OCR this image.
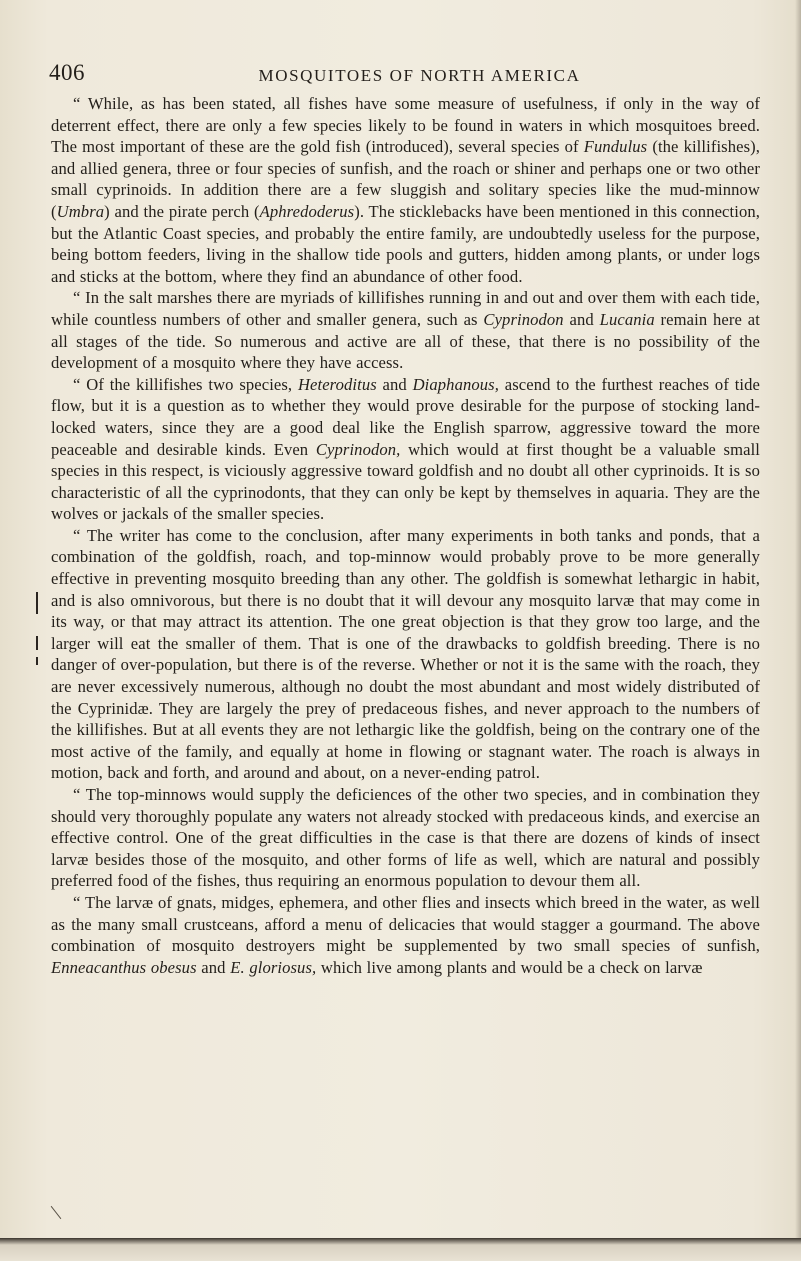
406	MOSQUITOES OF NORTH AMERICA

“ While, as has been stated, all fishes have some measure of usefulness, if only in the way of deterrent effect, there are only a few species likely to be found in waters in which mosquitoes breed. The most important of these are the gold fish (introduced), several species of Fundulus (the killifishes), and allied genera, three or four species of sunfish, and the roach or shiner and perhaps one or two other small cyprinoids. In addition there are a few sluggish and solitary species like the mud-minnow (Umbra) and the pirate perch (Aphredoderus). The sticklebacks have been mentioned in this connection, but the Atlantic Coast species, and probably the entire family, are undoubtedly useless for the purpose, being bottom feeders, living in the shallow tide pools and gutters, hidden among plants, or under logs and sticks at the bottom, where they find an abundance of other food.

“ In the salt marshes there are myriads of killifishes running in and out and over them with each tide, while countless numbers of other and smaller genera, such as Cyprinodon and Lucania remain here at all stages of the tide. So numerous and active are all of these, that there is no possibility of the development of a mosquito where they have access.

“ Of the killifishes two species, Heteroditus and Diaphanous, ascend to the furthest reaches of tide flow, but it is a question as to whether they would prove desirable for the purpose of stocking land-locked waters, since they are a good deal like the English sparrow, aggressive toward the more peaceable and desirable kinds. Even Cyprinodon, which would at first thought be a valuable small species in this respect, is viciously aggressive toward goldfish and no doubt all other cyprinoids. It is so characteristic of all the cyprinodonts, that they can only be kept by themselves in aquaria. They are the wolves or jackals of the smaller species.

“ The writer has come to the conclusion, after many experiments in both tanks and ponds, that a combination of the goldfish, roach, and top-minnow would probably prove to be more generally effective in preventing mosquito breeding than any other. The goldfish is somewhat lethargic in habit, and is also omnivorous, but there is no doubt that it will devour any mosquito larvæ that may come in its way, or that may attract its attention. The one great objection is that they grow too large, and the larger will eat the smaller of them. That is one of the drawbacks to goldfish breeding. There is no danger of over-population, but there is of the reverse. Whether or not it is the same with the roach, they are never excessively numerous, although no doubt the most abundant and most widely distributed of the Cyprinidæ. They are largely the prey of predaceous fishes, and never approach to the numbers of the killifishes. But at all events they are not lethargic like the goldfish, being on the contrary one of the most active of the family, and equally at home in flowing or stagnant water. The roach is always in motion, back and forth, and around and about, on a never-ending patrol.

“ The top-minnows would supply the deficiences of the other two species, and in combination they should very thoroughly populate any waters not already stocked with predaceous kinds, and exercise an effective control. One of the great difficulties in the case is that there are dozens of kinds of insect larvæ besides those of the mosquito, and other forms of life as well, which are natural and possibly preferred food of the fishes, thus requiring an enormous population to devour them all.

“ The larvæ of gnats, midges, ephemera, and other flies and insects which breed in the water, as well as the many small crustceans, afford a menu of delicacies that would stagger a gourmand. The above combination of mosquito destroyers might be supplemented by two small species of sunfish, Enneacanthus obesus and E. gloriosus, which live among plants and would be a check on larvæ
